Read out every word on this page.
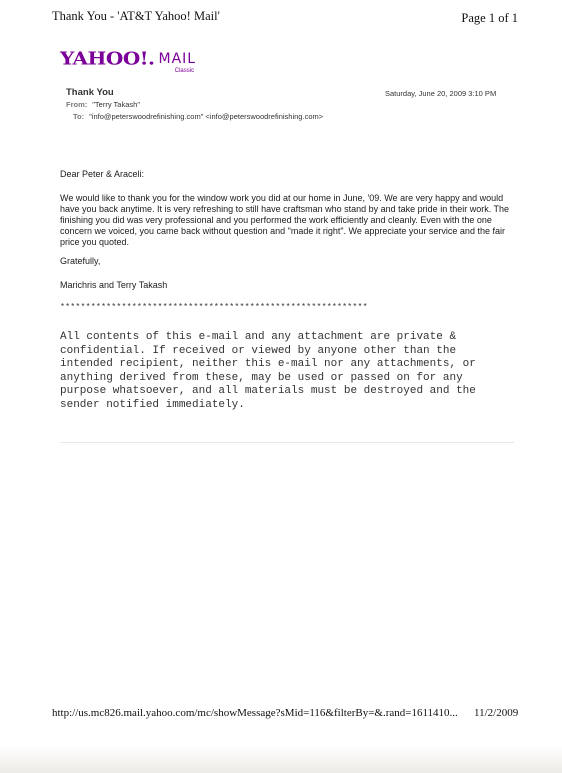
Thank You - 'AT&T Yahoo! Mail'	Page 1 of 1
YAHOO!. MAIL
Classic
Thank You	Saturday, June 20, 2009 3:10 PM
From: "Terry Takash"
To: "info@peterswoodrefinishing.com" <info@peterswoodrefinishing.com>
Dear Peter & Araceli:
We would like to thank you for the window work you did at our home in June, '09. We are very happy and would have you back anytime. It is very refreshing to still have craftsman who stand by and take pride in their work. The finishing you did was very professional and you performed the work efficiently and cleanly. Even with the one concern we voiced, you came back without question and "made it right". We appreciate your service and the fair price you quoted.
Gratefully,
Marichris and Terry Takash
************************************************************
All contents of this e-mail and any attachment are private & confidential. If received or viewed by anyone other than the intended recipient, neither this e-mail nor any attachments, or anything derived from these, may be used or passed on for any purpose whatsoever, and all materials must be destroyed and the sender notified immediately.
http://us.mc826.mail.yahoo.com/mc/showMessage?sMid=116&filterBy=&.rand=1611410... 11/2/2009
